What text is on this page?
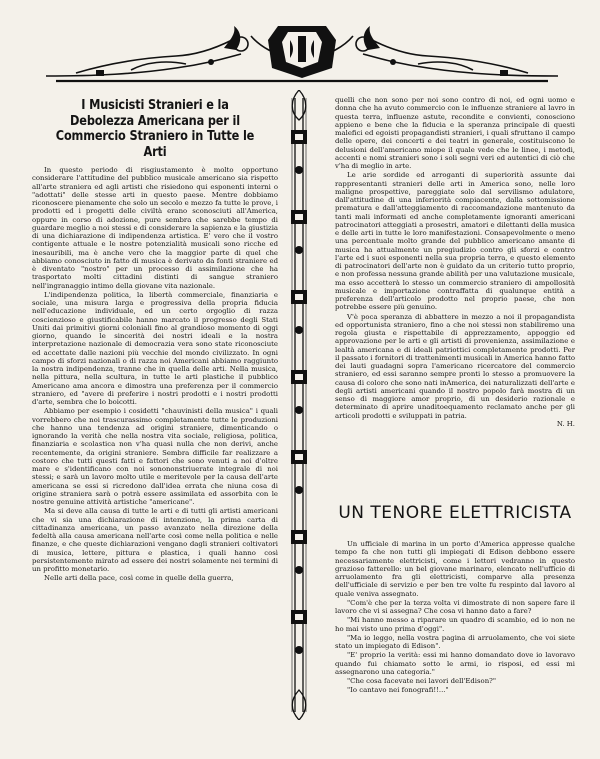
I Musicisti Stranieri e la Debolezza Americana per il Commercio Straniero in Tutte le Arti

In questo periodo di risgiustamento è molto opportuno considerare l'attitudine del pubblico musicale americano sia rispetto all'arte straniera ed agli artisti che risiedono qui esponenti interni o "adottati" delle stesse arti in questo paese. Mentre dobbiamo riconoscere pienamente che solo un secolo e mezzo fa tutte le prove, i prodotti ed i progetti delle civiltà erano sconosciuti all'America, oppure in corso di adozione, pure sembra che sarebbe tempo di guardare meglio a noi stessi e di considerare la sapienza e la giustizia di una dichiarazione di indipendenza artistica. E' vero che il vostro contigente attuale e le nostre potenzialità musicali sono ricche ed inesauribili, ma è anche vero che la maggior parte di quel che abbiamo conosciuto in fatto di musica è derivato da fonti straniere ed è diventato "nostro" per un processo di assimilazione che ha trasportato molti cittadini distinti di sangue straniero nell'ingranaggio intimo della giovane vita nazionale.

L'indipendenza politica, la libertà commerciale, finanziaria e sociale, una misura larga e progressiva della propria fiducia nell'educazione individuale, ed un certo orgoglio di razza coscienzioso e giustificabile hanno marcato il progresso degli Stati Uniti dai primitivi giorni coloniali fino al grandioso momento di oggi giorno, quando le sincerità dei nostri ideali e la nostra interpretazione nazionale di democrazia vera sono state riconosciute ed accettate dalle nazioni più vecchie del mondo civilizzato. In ogni campo di sforzi nazionali o di razza noi Americani abbiamo raggiunto la nostra indipendenza, tranne che in quella delle arti. Nella musica, nella pittura, nella scultura, in tutte le arti plastiche il pubblico Americano ama ancora e dimostra una preferenza per il commercio straniero, ed "avere di preferire i nostri prodotti e i nostri prodotti d'arte, sembra che lo boicotti.

Abbiamo per esempio i cosidetti "chauvinisti della musica" i quali vorrebbero che noi trascurassimo completamente tutte le produzioni che hanno una tendenza ad origini straniere, dimenticando o ignorando la verità che nella nostra vita sociale, religiosa, politica, finanziaria e scolastica non v'ha quasi nulla che non derivi, anche recentemente, da origini straniere. Sembra difficile far realizzare a costoro che tutti questi fatti e fattori che sono venuti a noi d'oltre mare e s'identificano con noi sonononstriuerate integrale di noi stessi; e sarà un lavoro molto utile e meritevole per la causa dell'arte americana se essi si ricredono dall'idea errata che niuna cosa di origine straniera sarà o potrà essere assimilata ed assorbita con le nostre genuine attività artistiche "americane".

Ma si deve alla causa di tutte le arti e di tutti gli artisti americani che vi sia una dichiarazione di intenzione, la prima carta di cittadinanza americana, un passo avanzato nella direzione della fedeltà alla causa americana nell'arte così come nella politica e nelle finanze, e che queste dichiarazioni vengano dagli stranieri coltivatori di musica, lettere, pittura e plastica, i quali hanno così persistentemente mirato ad essere dei nostri solamente nei termini di un profitto monetario.

Nelle arti della pace, così come in quelle della guerra,

quelli che non sono per noi sono contro di noi, ed ogni uomo e donna che ha avuto commercio con le influenze straniere al lavro in questa terra, influenze astute, recondite e convienti, conosciono appieno e bene che la fiducia e la speranza principale di questi malefici ed egoisti propagandisti stranieri, i quali sfruttano il campo delle opere, dei concerti e dei teatri in generale, costituiscono le delusioni dell'americano miope il quale vede che le linee, i metodi, accenti e nomi stranieri sono i soli segni veri ed autentici di ciò che v'ha di meglio in arte.

Le arie sordide ed arroganti di superiorità assunte dai rappresentanti stranieri delle arti in America sono, nelle loro maligne prospettive, pareggiate solo dal servilismo adulatore, dall'attitudine di una inferiorità compiacente, dalla sottomissione prematura e dall'atteggiamento di raccomandazione mantenuto da tanti mali informati ed anche completamente ignoranti americani patrocinatori atteggiati a prosestri, amatori e dilettanti della musica e delle arti in tutte le loro manifestazioni. Consapevolmente o meno una percentuale molto grande del pubblico americano amante di musica ha attualmente un pregiudizio contro gli sforzi e contro l'arte ed i suoi esponenti nella sua propria terra, e questo elemento di patrocinatori dell'arte non è guidato da un criterio tutto proprio, e non professa nessuna grande abilità per una valutazione musicale, ma esso accetterà lo stesso un commercio straniero di ampollosità musicale e importazione contraffatta di qualunque entità a preferenza dell'articolo prodotto nel proprio paese, che non potrebbe essere più genuino.

V'è poca speranza di abbattere in mezzo a noi il propagandista ed opportunista straniero, fino a che noi stessi non stabiliremo una regola giusta e rispettabile di apprezzamento, appoggio ed approvazione per le arti e gli artisti di provenienza, assimilazione e lealtà americana e di ideali patriottici completamente prodotti. Per il passato i fornitori di trattenimenti musicali in America hanno fatto dei lauti guadagni sopra l'americano ricercatore del commercio straniero, ed essi saranno sempre pronti lo stesso a promuovere la causa di coloro che sono nati inAmerica, dei naturalizzati dell'arte e degli artisti americani quando il nostro popolo farà mostra di un senso di maggiore amor proprio, di un desiderio razionale e determinato di aprire unaditoequamento reclamato anche per gli articoli prodotti e sviluppati in patria.

N. H.
UN TENORE ELETTRICISTA

Un ufficiale di marina in un porto d'America appresse qualche tempo fa che non tutti gli impiegati di Edison debbono essere necessariamente elettricisti, come i lettori vedranno in questo grazioso fatterello: un bel giovane marinaro, elencato nell'ufficio di arruolamento fra gli elettricisti, comparve alla presenza dell'ufficiale di servizio e per ben tre volte fu respinto dal lavoro al quale veniva assegnato.

"Com'è che per la terza volta vi dimostrate di non sapere fare il lavoro che vi si assegna? Che cosa vi hanno dato a fare?

"Mi hanno messo a riparare un quadro di scambio, ed io non ne ho mai visto uno prima d'oggi".

"Ma io leggo, nella vostra pagina di arruolamento, che voi siete stato un impiegato di Edison".

"E' proprio la verità: essi mi hanno domandato dove io lavoravo quando fui chiamato sotto le armi, io risposi, ed essi mi assegnarono una categoria."

"Che cosa facevate nei lavori dell'Edison?"

"Io cantavo nei fonografi!!..."
